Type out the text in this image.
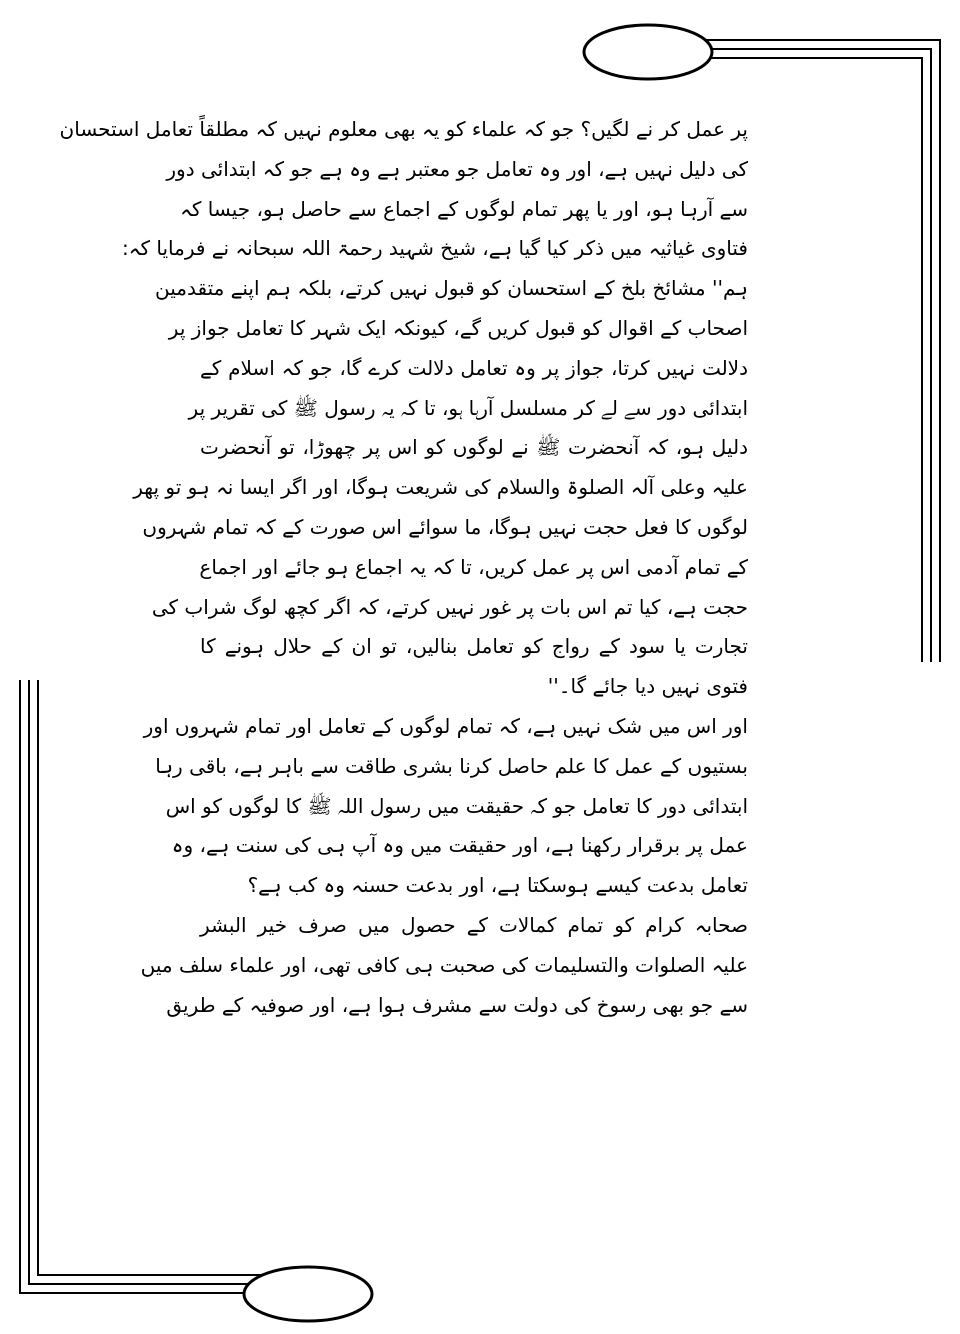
پر عمل کر نے لگیں؟ جو کہ علماء کو یہ بھی معلوم نہیں کہ مطلقاً تعامل استحسان
کی دلیل نہیں ہے، اور وہ تعامل جو معتبر ہے وہ ہے جو کہ ابتدائی دور
سے آرہا ہو، اور یا پھر تمام لوگوں کے اجماع سے حاصل ہو، جیسا کہ
فتاوی غیاثیہ میں ذکر کیا گیا ہے، شیخ شہید رحمۃ اللہ سبحانہ نے فرمایا کہ:
ہم'' مشائخ بلخ کے استحسان کو قبول نہیں کرتے، بلکہ ہم اپنے متقدمین
اصحاب کے اقوال کو قبول کریں گے، کیونکہ ایک شہر کا تعامل جواز پر
دلالت نہیں کرتا، جواز پر وہ تعامل دلالت کرے گا، جو کہ اسلام کے
ابتدائی دور سے لے کر مسلسل آرہا ہو، تا کہ یہ رسول ﷺ کی تقریر پر
دلیل ہو، کہ آنحضرت ﷺ نے لوگوں کو اس پر چھوڑا، تو آنحضرت
علیہ وعلی آلہ الصلوۃ والسلام کی شریعت ہوگا، اور اگر ایسا نہ ہو تو پھر
لوگوں کا فعل حجت نہیں ہوگا، ما سوائے اس صورت کے کہ تمام شہروں
کے تمام آدمی اس پر عمل کریں، تا کہ یہ اجماع ہو جائے اور اجماع
حجت ہے، کیا تم اس بات پر غور نہیں کرتے، کہ اگر کچھ لوگ شراب کی
تجارت یا سود کے رواج کو تعامل بنالیں، تو ان کے حلال ہونے کا
فتوی نہیں دیا جائے گا۔''
اور اس میں شک نہیں ہے، کہ تمام لوگوں کے تعامل اور تمام شہروں اور
بستیوں کے عمل کا علم حاصل کرنا بشری طاقت سے باہر ہے، باقی رہا
ابتدائی دور کا تعامل جو کہ حقیقت میں رسول اللہ ﷺ کا لوگوں کو اس
عمل پر برقرار رکھنا ہے، اور حقیقت میں وہ آپ ہی کی سنت ہے، وہ
تعامل بدعت کیسے ہوسکتا ہے، اور بدعت حسنہ وہ کب ہے؟
صحابہ کرام کو تمام کمالات کے حصول میں صرف خیر البشر
علیہ الصلوات والتسلیمات کی صحبت ہی کافی تھی، اور علماء سلف میں
سے جو بھی رسوخ کی دولت سے مشرف ہوا ہے، اور صوفیہ کے طریق
